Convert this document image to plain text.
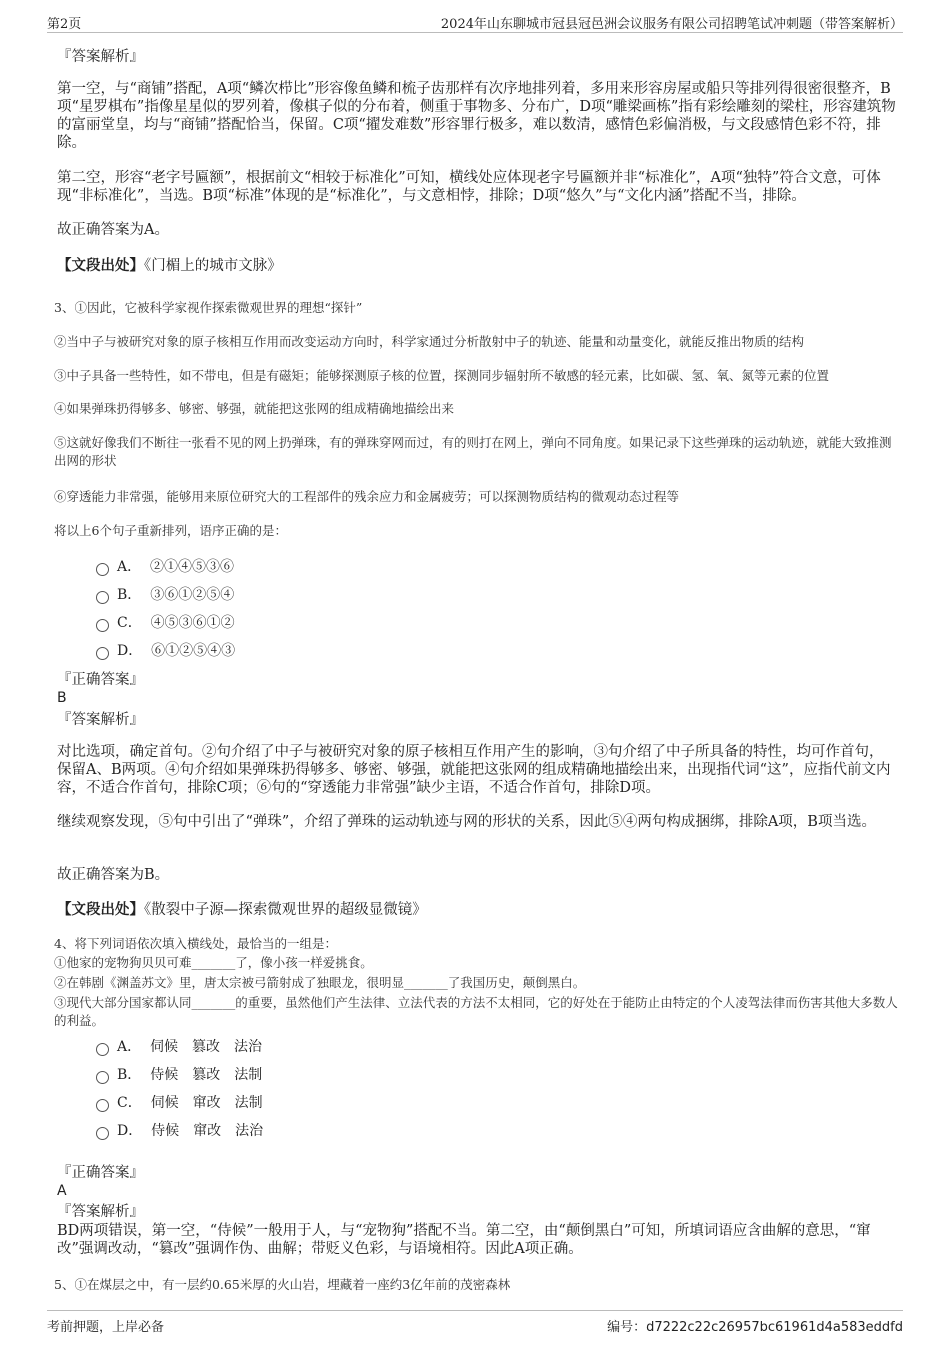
第2页	2024年山东聊城市冠县冠邑洲会议服务有限公司招聘笔试冲刺题（带答案解析）

『答案解析』

第一空，与“商铺”搭配，A项“鳞次栉比”形容像鱼鳞和梳子齿那样有次序地排列着，多用来形容房屋或船只等排列得很密很整齐，B项“星罗棋布”指像星星似的罗列着，像棋子似的分布着，侧重于事物多、分布广，D项“雕梁画栋”指有彩绘雕刻的梁柱，形容建筑物的富丽堂皇，均与“商铺”搭配恰当，保留。C项“擢发难数”形容罪行极多，难以数清，感情色彩偏消极，与文段感情色彩不符，排除。

第二空，形容“老字号匾额”，根据前文“相较于标准化”可知，横线处应体现老字号匾额并非“标准化”，A项“独特”符合文意，可体现“非标准化”，当选。B项“标准”体现的是“标准化”，与文意相悖，排除；D项“悠久”与“文化内涵”搭配不当，排除。

故正确答案为A。

【文段出处】《门楣上的城市文脉》

3、①因此，它被科学家视作探索微观世界的理想“探针”

②当中子与被研究对象的原子核相互作用而改变运动方向时，科学家通过分析散射中子的轨迹、能量和动量变化，就能反推出物质的结构

③中子具备一些特性，如不带电，但是有磁矩；能够探测原子核的位置，探测同步辐射所不敏感的轻元素，比如碳、氢、氧、氮等元素的位置

④如果弹珠扔得够多、够密、够强，就能把这张网的组成精确地描绘出来

⑤这就好像我们不断往一张看不见的网上扔弹珠，有的弹珠穿网而过，有的则打在网上，弹向不同角度。如果记录下这些弹珠的运动轨迹，就能大致推测出网的形状

⑥穿透能力非常强，能够用来原位研究大的工程部件的残余应力和金属疲劳；可以探测物质结构的微观动态过程等

将以上6个句子重新排列，语序正确的是：

A． ②①④⑤③⑥
B． ③⑥①②⑤④
C． ④⑤③⑥①②
D． ⑥①②⑤④③

『正确答案』

B

『答案解析』

对比选项，确定首句。②句介绍了中子与被研究对象的原子核相互作用产生的影响，③句介绍了中子所具备的特性，均可作首句，保留A、B两项。④句介绍如果弹珠扔得够多、够密、够强，就能把这张网的组成精确地描绘出来，出现指代词“这”，应指代前文内容，不适合作首句，排除C项；⑥句的“穿透能力非常强”缺少主语，不适合作首句，排除D项。

继续观察发现，⑤句中引出了“弹珠”，介绍了弹珠的运动轨迹与网的形状的关系，因此⑤④两句构成捆绑，排除A项，B项当选。

故正确答案为B。

【文段出处】《散裂中子源—探索微观世界的超级显微镜》

4、将下列词语依次填入横线处，最恰当的一组是：

①他家的宠物狗贝贝可难_______了，像小孩一样爱挑食。

②在韩剧《渊盖苏文》里，唐太宗被弓箭射成了独眼龙，很明显_______了我国历史，颠倒黑白。

③现代大部分国家都认同_______的重要，虽然他们产生法律、立法代表的方法不太相同，它的好处在于能防止由特定的个人凌驾法律而伤害其他大多数人的利益。

A． 伺候　篡改　法治
B． 侍候　篡改　法制
C． 伺候　窜改　法制
D． 侍候　窜改　法治

『正确答案』

A

『答案解析』

BD两项错误，第一空，“侍候”一般用于人，与“宠物狗”搭配不当。第二空，由“颠倒黑白”可知，所填词语应含曲解的意思，“窜改”强调改动，“篡改”强调作伪、曲解；带贬义色彩，与语境相符。因此A项正确。

5、①在煤层之中，有一层约0.65米厚的火山岩，埋藏着一座约3亿年前的茂密森林

考前押题，上岸必备	编号：d7222c22c26957bc61961d4a583eddfd
